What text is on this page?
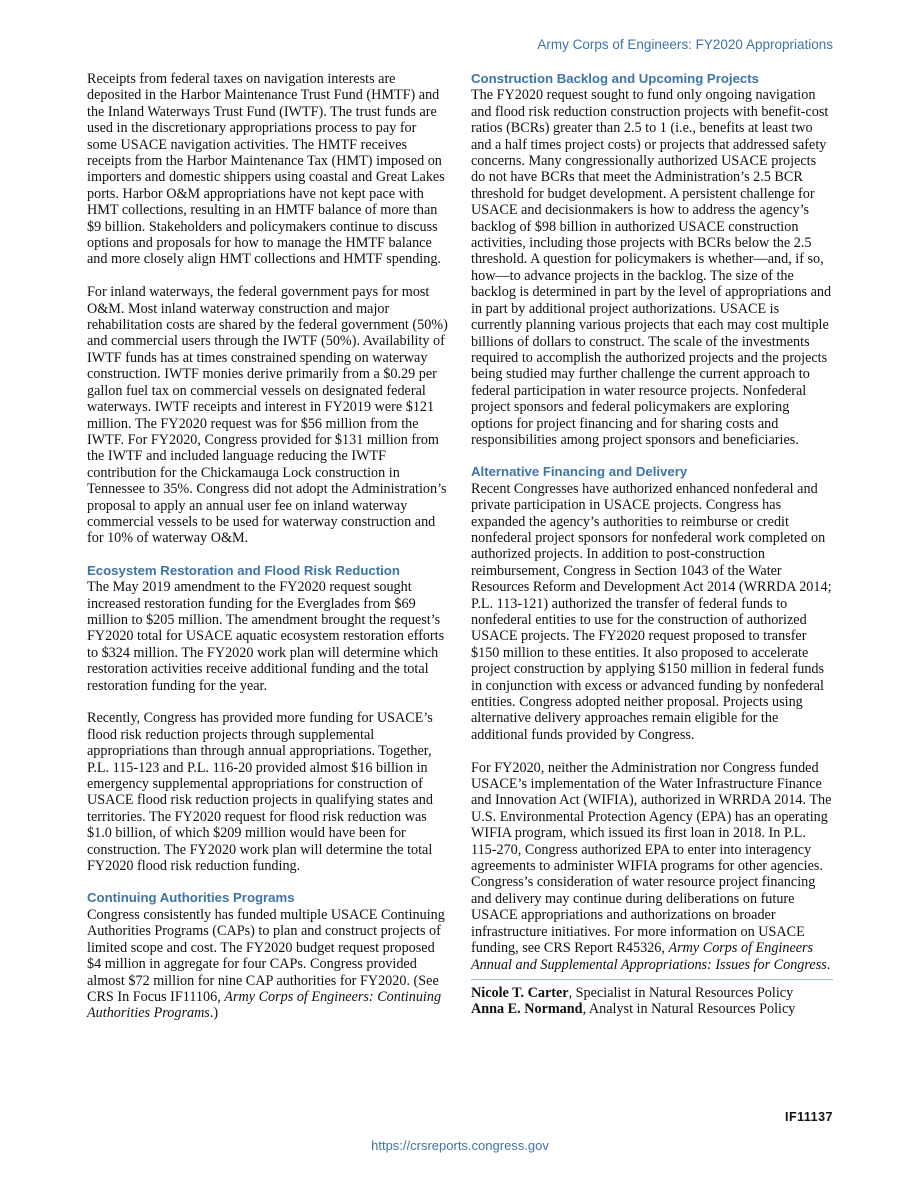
Army Corps of Engineers: FY2020 Appropriations

Receipts from federal taxes on navigation interests are deposited in the Harbor Maintenance Trust Fund (HMTF) and the Inland Waterways Trust Fund (IWTF). The trust funds are used in the discretionary appropriations process to pay for some USACE navigation activities. The HMTF receives receipts from the Harbor Maintenance Tax (HMT) imposed on importers and domestic shippers using coastal and Great Lakes ports. Harbor O&M appropriations have not kept pace with HMT collections, resulting in an HMTF balance of more than $9 billion. Stakeholders and policymakers continue to discuss options and proposals for how to manage the HMTF balance and more closely align HMT collections and HMTF spending.

For inland waterways, the federal government pays for most O&M. Most inland waterway construction and major rehabilitation costs are shared by the federal government (50%) and commercial users through the IWTF (50%). Availability of IWTF funds has at times constrained spending on waterway construction. IWTF monies derive primarily from a $0.29 per gallon fuel tax on commercial vessels on designated federal waterways. IWTF receipts and interest in FY2019 were $121 million. The FY2020 request was for $56 million from the IWTF. For FY2020, Congress provided for $131 million from the IWTF and included language reducing the IWTF contribution for the Chickamauga Lock construction in Tennessee to 35%. Congress did not adopt the Administration’s proposal to apply an annual user fee on inland waterway commercial vessels to be used for waterway construction and for 10% of waterway O&M.

Ecosystem Restoration and Flood Risk Reduction

The May 2019 amendment to the FY2020 request sought increased restoration funding for the Everglades from $69 million to $205 million. The amendment brought the request’s FY2020 total for USACE aquatic ecosystem restoration efforts to $324 million. The FY2020 work plan will determine which restoration activities receive additional funding and the total restoration funding for the year.

Recently, Congress has provided more funding for USACE’s flood risk reduction projects through supplemental appropriations than through annual appropriations. Together, P.L. 115-123 and P.L. 116-20 provided almost $16 billion in emergency supplemental appropriations for construction of USACE flood risk reduction projects in qualifying states and territories. The FY2020 request for flood risk reduction was $1.0 billion, of which $209 million would have been for construction. The FY2020 work plan will determine the total FY2020 flood risk reduction funding.

Continuing Authorities Programs

Congress consistently has funded multiple USACE Continuing Authorities Programs (CAPs) to plan and construct projects of limited scope and cost. The FY2020 budget request proposed $4 million in aggregate for four CAPs. Congress provided almost $72 million for nine CAP authorities for FY2020. (See CRS In Focus IF11106, Army Corps of Engineers: Continuing Authorities Programs.)

Construction Backlog and Upcoming Projects

The FY2020 request sought to fund only ongoing navigation and flood risk reduction construction projects with benefit-cost ratios (BCRs) greater than 2.5 to 1 (i.e., benefits at least two and a half times project costs) or projects that addressed safety concerns. Many congressionally authorized USACE projects do not have BCRs that meet the Administration’s 2.5 BCR threshold for budget development. A persistent challenge for USACE and decisionmakers is how to address the agency’s backlog of $98 billion in authorized USACE construction activities, including those projects with BCRs below the 2.5 threshold. A question for policymakers is whether—and, if so, how—to advance projects in the backlog. The size of the backlog is determined in part by the level of appropriations and in part by additional project authorizations. USACE is currently planning various projects that each may cost multiple billions of dollars to construct. The scale of the investments required to accomplish the authorized projects and the projects being studied may further challenge the current approach to federal participation in water resource projects. Nonfederal project sponsors and federal policymakers are exploring options for project financing and for sharing costs and responsibilities among project sponsors and beneficiaries.

Alternative Financing and Delivery

Recent Congresses have authorized enhanced nonfederal and private participation in USACE projects. Congress has expanded the agency’s authorities to reimburse or credit nonfederal project sponsors for nonfederal work completed on authorized projects. In addition to post-construction reimbursement, Congress in Section 1043 of the Water Resources Reform and Development Act 2014 (WRRDA 2014; P.L. 113-121) authorized the transfer of federal funds to nonfederal entities to use for the construction of authorized USACE projects. The FY2020 request proposed to transfer $150 million to these entities. It also proposed to accelerate project construction by applying $150 million in federal funds in conjunction with excess or advanced funding by nonfederal entities. Congress adopted neither proposal. Projects using alternative delivery approaches remain eligible for the additional funds provided by Congress.

For FY2020, neither the Administration nor Congress funded USACE’s implementation of the Water Infrastructure Finance and Innovation Act (WIFIA), authorized in WRRDA 2014. The U.S. Environmental Protection Agency (EPA) has an operating WIFIA program, which issued its first loan in 2018. In P.L. 115-270, Congress authorized EPA to enter into interagency agreements to administer WIFIA programs for other agencies. Congress’s consideration of water resource project financing and delivery may continue during deliberations on future USACE appropriations and authorizations on broader infrastructure initiatives. For more information on USACE funding, see CRS Report R45326, Army Corps of Engineers Annual and Supplemental Appropriations: Issues for Congress.

Nicole T. Carter, Specialist in Natural Resources Policy
Anna E. Normand, Analyst in Natural Resources Policy
IF11137
https://crsreports.congress.gov
